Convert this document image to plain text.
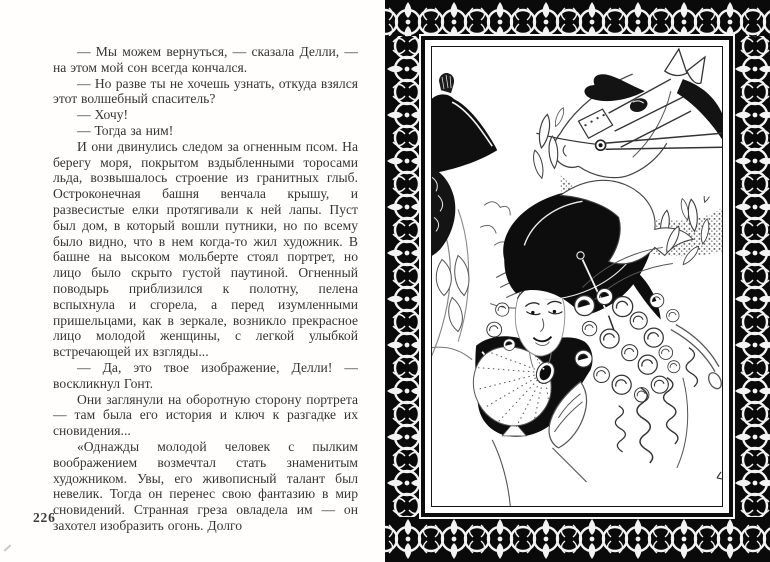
— Мы можем вернуться, — сказала Делли, — на этом мой сон всегда кончался.

— Но разве ты не хочешь узнать, откуда взялся этот волшебный спаситель?

— Хочу!

— Тогда за ним!

И они двинулись следом за огненным псом. На берегу моря, покрытом вздыбленными торосами льда, возвышалось строение из гранитных глыб. Остроконечная башня венчала крышу, и развесистые елки протягивали к ней лапы. Пуст был дом, в который вошли путники, но по всему было видно, что в нем когда-то жил художник. В башне на высоком мольберте стоял портрет, но лицо было скрыто густой паутиной. Огненный поводырь приблизился к полотну, пелена вспыхнула и сгорела, а перед изумленными пришельцами, как в зеркале, возникло прекрасное лицо молодой женщины, с легкой улыбкой встречающей их взгляды...

— Да, это твое изображение, Делли! — воскликнул Гонт.

Они заглянули на оборотную сторону портрета — там была его история и ключ к разгадке их сновидения...

«Однажды молодой человек с пылким воображением возмечтал стать знаменитым художником. Увы, его живописный талант был невелик. Тогда он перенес свою фантазию в мир сновидений. Странная греза овладела им — он захотел изобразить огонь. Долго

226
